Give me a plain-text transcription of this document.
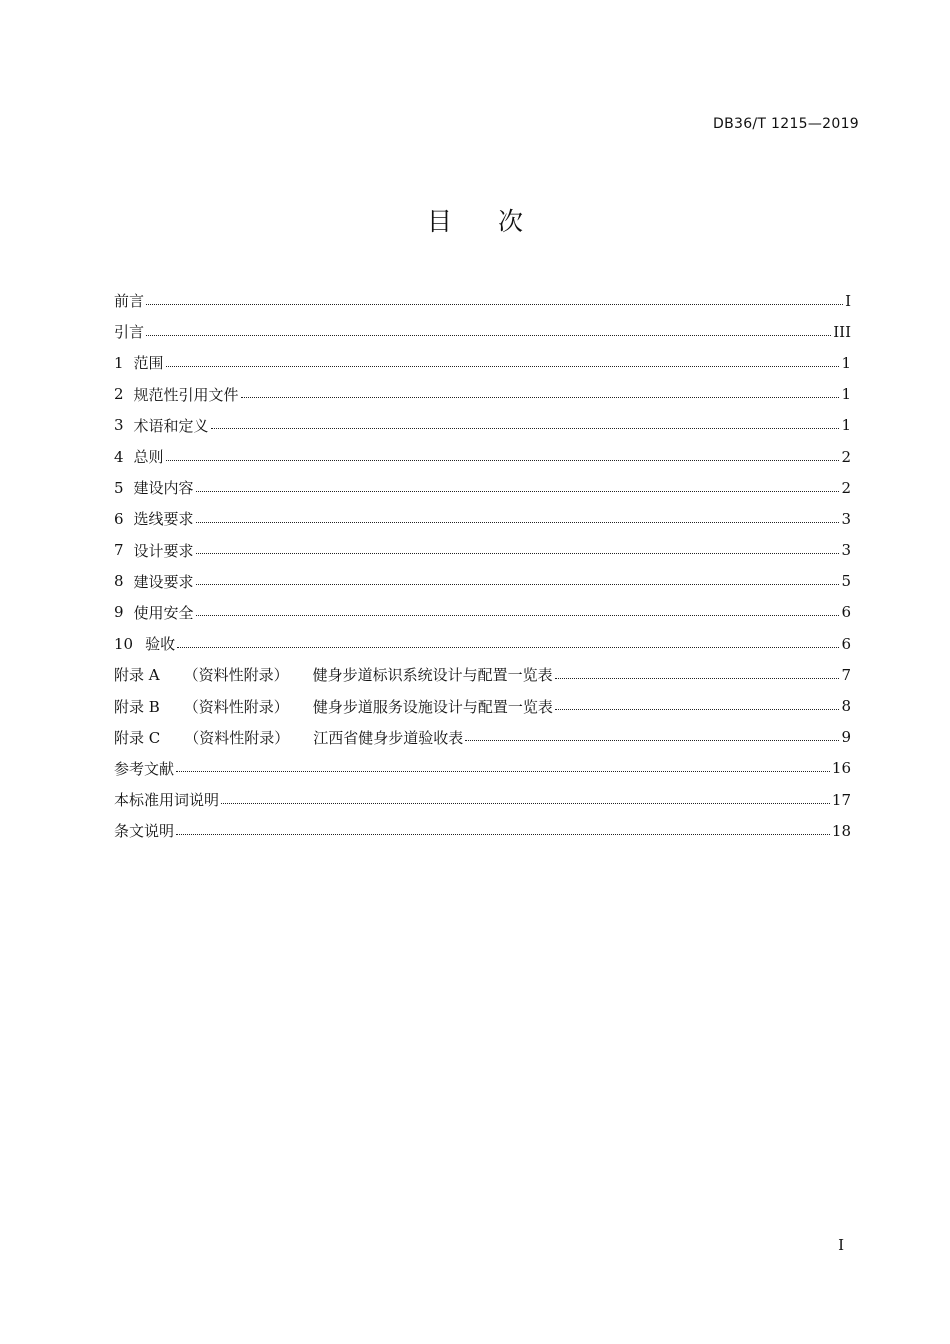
DB36/T 1215—2019
目 次
前言	I
引言	III
1 范围	1
2 规范性引用文件	1
3 术语和定义	1
4 总则	2
5 建设内容	2
6 选线要求	3
7 设计要求	3
8 建设要求	5
9 使用安全	6
10 验收	6
附录 A （资料性附录） 健身步道标识系统设计与配置一览表	7
附录 B （资料性附录） 健身步道服务设施设计与配置一览表	8
附录 C （资料性附录） 江西省健身步道验收表	9
参考文献	16
本标准用词说明	17
条文说明	18
I
